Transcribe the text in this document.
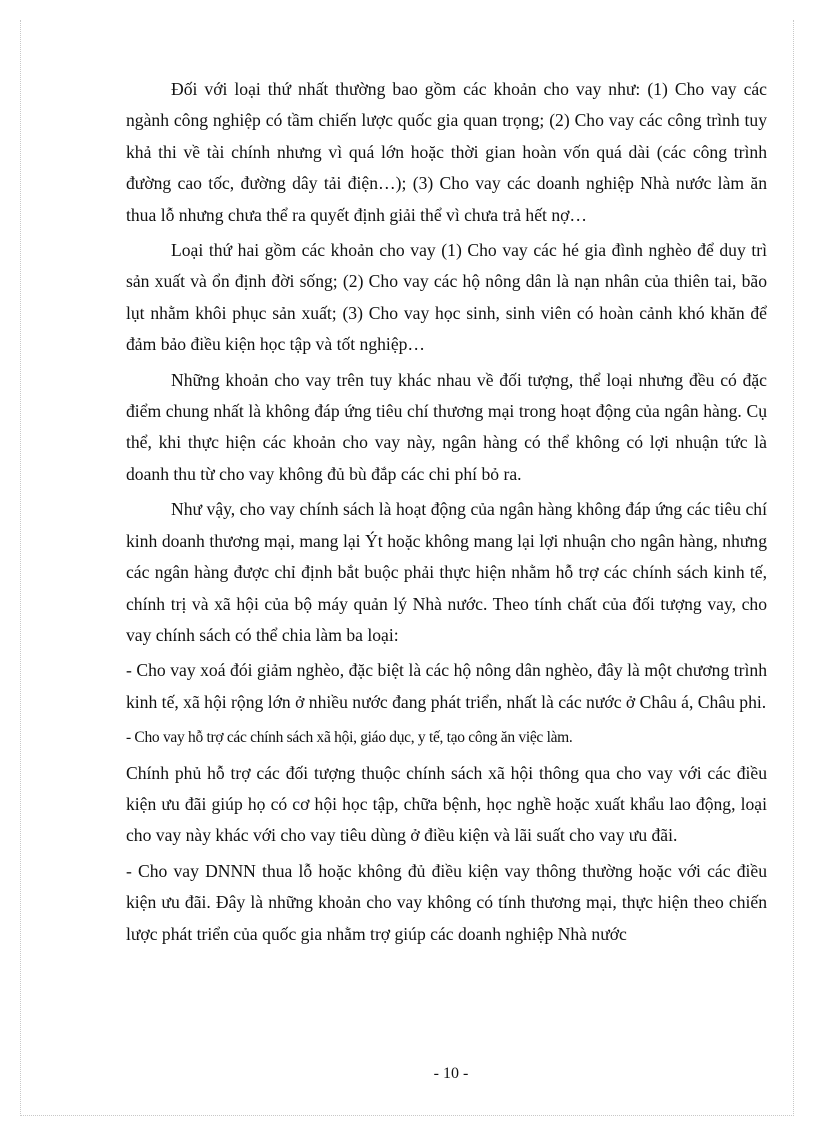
Đối với loại thứ nhất thường bao gồm các khoản cho vay như: (1) Cho vay các ngành công nghiệp có tầm chiến lược quốc gia quan trọng; (2) Cho vay các công trình tuy khả thi về tài chính nhưng vì quá lớn hoặc thời gian hoàn vốn quá dài (các công trình đường cao tốc, đường dây tải điện…); (3) Cho vay các doanh nghiệp Nhà nước làm ăn thua lỗ nhưng chưa thể ra quyết định giải thể vì chưa trả hết nợ…

Loại thứ hai gồm các khoản cho vay (1) Cho vay các hé gia đình nghèo để duy trì sản xuất và ổn định đời sống; (2) Cho vay các hộ nông dân là nạn nhân của thiên tai, bão lụt nhằm khôi phục sản xuất; (3) Cho vay học sinh, sinh viên có hoàn cảnh khó khăn để đảm bảo điều kiện học tập và tốt nghiệp…

Những khoản cho vay trên tuy khác nhau về đối tượng, thể loại nhưng đều có đặc điểm chung nhất là không đáp ứng tiêu chí thương mại trong hoạt động của ngân hàng. Cụ thể, khi thực hiện các khoản cho vay này, ngân hàng có thể không có lợi nhuận tức là doanh thu từ cho vay không đủ bù đắp các chi phí bỏ ra.

Như vậy, cho vay chính sách là hoạt động của ngân hàng không đáp ứng các tiêu chí kinh doanh thương mại, mang lại Ýt hoặc không mang lại lợi nhuận cho ngân hàng, nhưng các ngân hàng được chỉ định bắt buộc phải thực hiện nhằm hỗ trợ các chính sách kinh tế, chính trị và xã hội của bộ máy quản lý Nhà nước. Theo tính chất của đối tượng vay, cho vay chính sách có thể chia làm ba loại:

- Cho vay xoá đói giảm nghèo, đặc biệt là các hộ nông dân nghèo, đây là một chương trình kinh tế, xã hội rộng lớn ở nhiều nước đang phát triển, nhất là các nước ở Châu á, Châu phi.

- Cho vay hỗ trợ các chính sách xã hội, giáo dục, y tế, tạo công ăn việc làm.

Chính phủ hỗ trợ các đối tượng thuộc chính sách xã hội thông qua cho vay với các điều kiện ưu đãi giúp họ có cơ hội học tập, chữa bệnh, học nghề hoặc xuất khẩu lao động, loại cho vay này khác với cho vay tiêu dùng ở điều kiện và lãi suất cho vay ưu đãi.

- Cho vay DNNN thua lỗ hoặc không đủ điều kiện vay thông thường hoặc với các điều kiện ưu đãi. Đây là những khoản cho vay không có tính thương mại, thực hiện theo chiến lược phát triển của quốc gia nhằm trợ giúp các doanh nghiệp Nhà nước

- 10 -
